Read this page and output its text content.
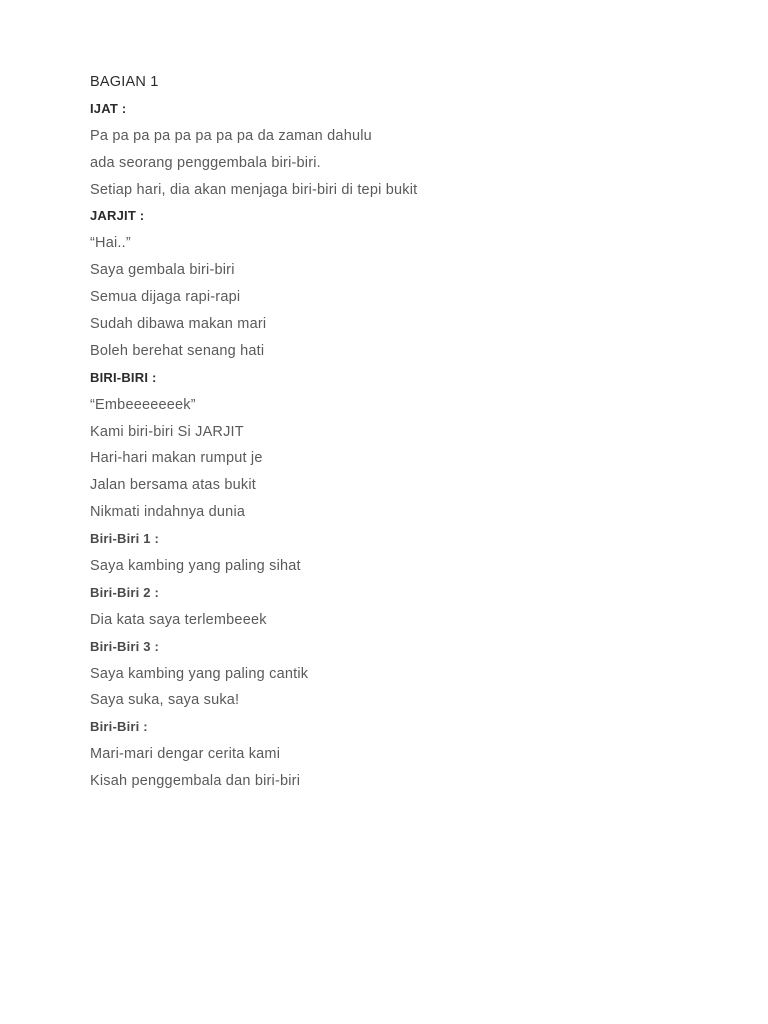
BAGIAN 1
IJAT :
Pa pa pa pa pa pa pa pa da zaman dahulu
ada seorang penggembala biri-biri.
Setiap hari, dia akan menjaga biri-biri di tepi bukit
JARJIT :
“Hai..”
Saya gembala biri-biri
Semua dijaga rapi-rapi
Sudah dibawa makan mari
Boleh berehat senang hati
BIRI-BIRI :
“Embeeeeeeek”
Kami biri-biri Si JARJIT
Hari-hari makan rumput je
Jalan bersama atas bukit
Nikmati indahnya dunia
Biri-Biri 1 :
Saya kambing yang paling sihat
Biri-Biri 2 :
Dia kata saya terlembeeek
Biri-Biri 3 :
Saya kambing yang paling cantik
Saya suka, saya suka!
Biri-Biri :
Mari-mari dengar cerita kami
Kisah penggembala dan biri-biri
